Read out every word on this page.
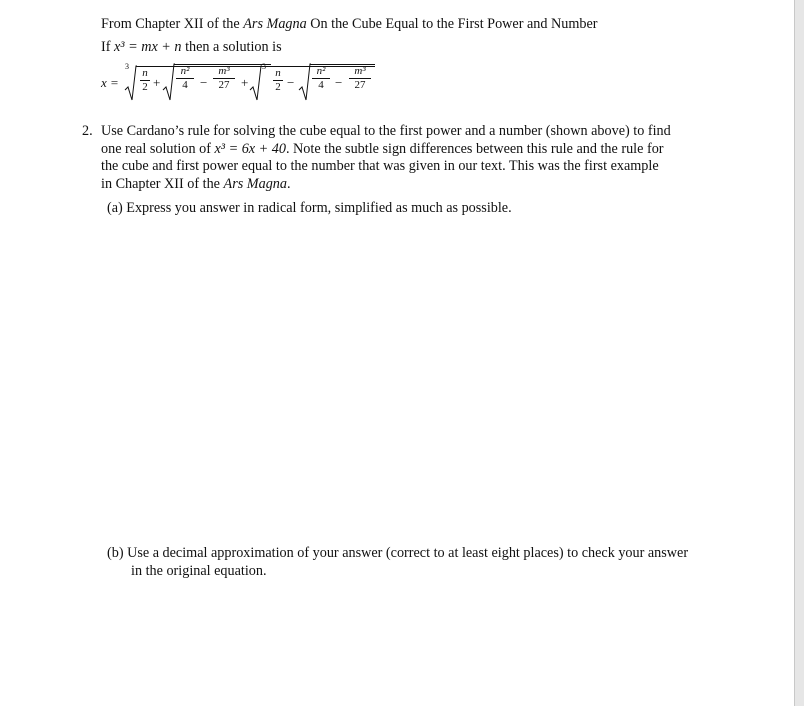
From Chapter XII of the Ars Magna On the Cube Equal to the First Power and Number
If x³ = mx + n then a solution is
x =
3
n
2 +
n²
4 −
m³
27 +
3
n
2 −
n²
4 −
m³
27
2. Use Cardano’s rule for solving the cube equal to the first power and a number (shown above) to find
one real solution of x³ = 6x + 40. Note the subtle sign differences between this rule and the rule for
the cube and first power equal to the number that was given in our text. This was the first example
in Chapter XII of the Ars Magna.
(a) Express you answer in radical form, simplified as much as possible.
(b) Use a decimal approximation of your answer (correct to at least eight places) to check your answer
in the original equation.
